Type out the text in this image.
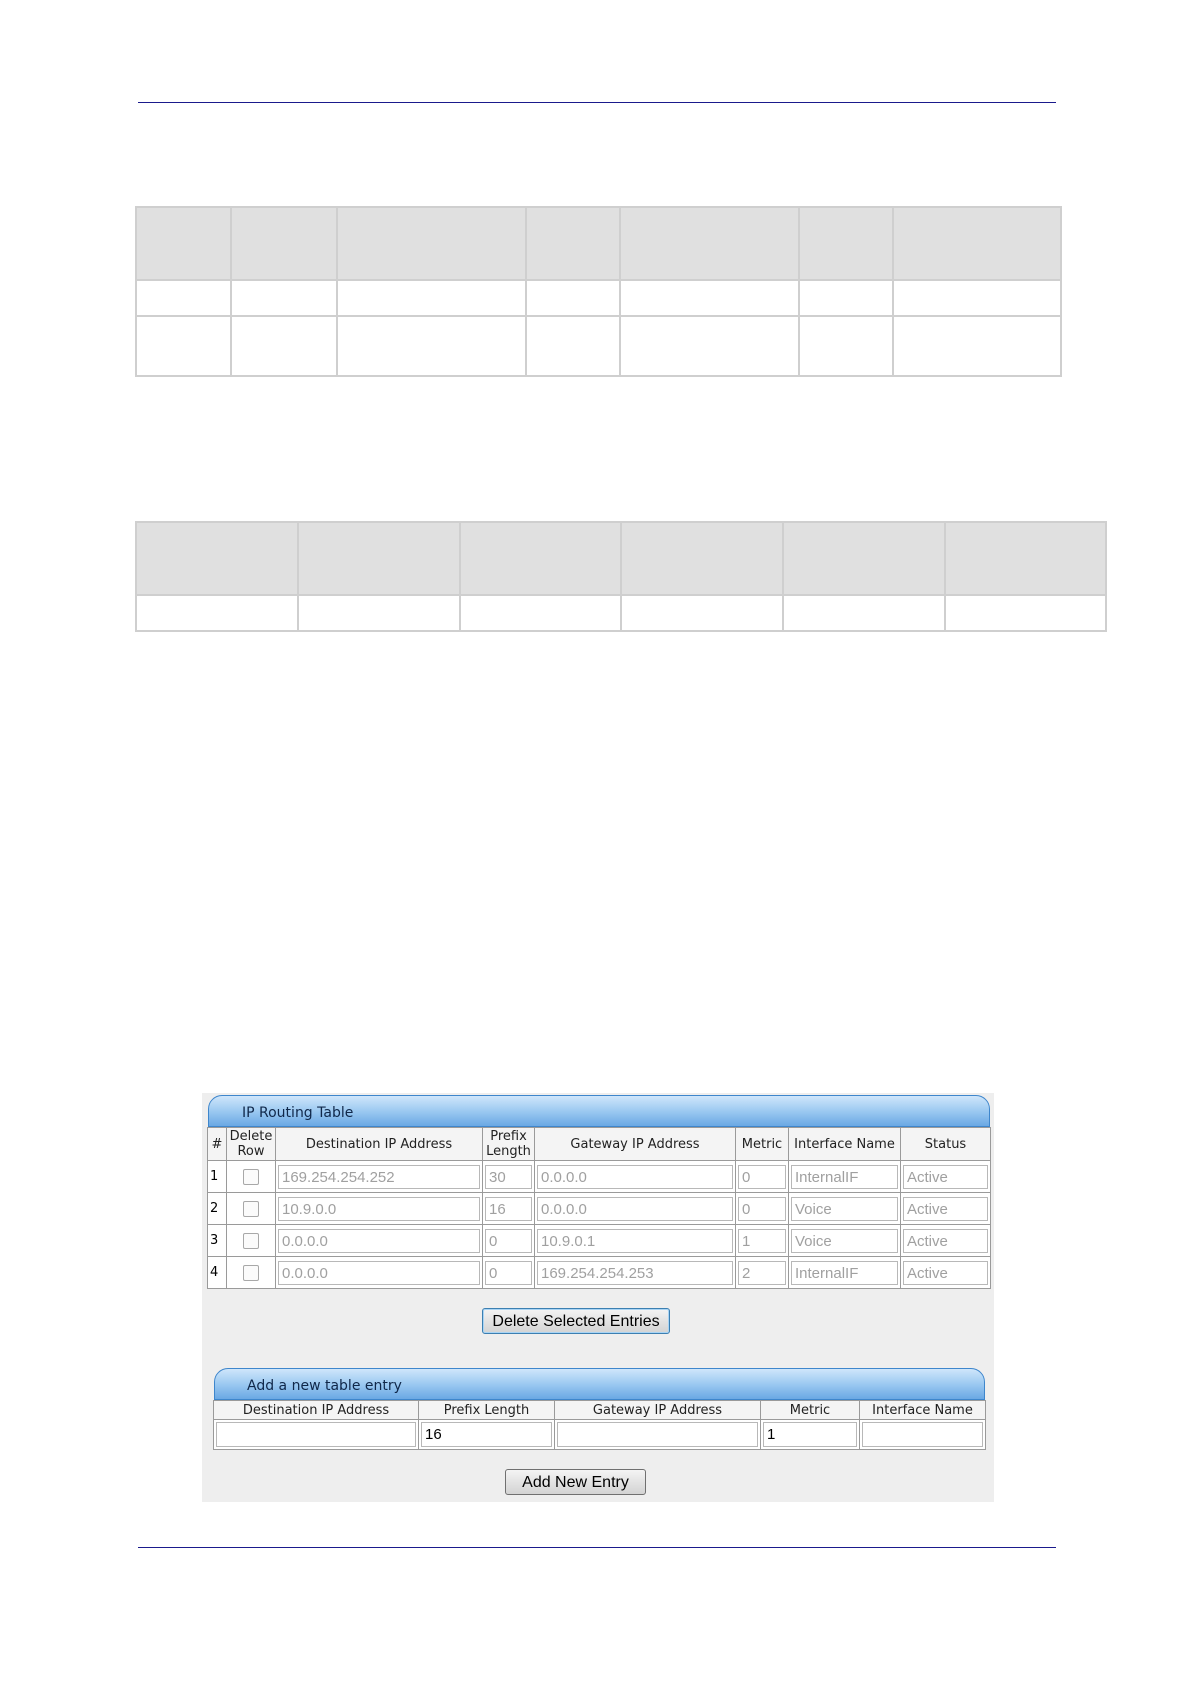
IP Routing Table
#	Delete Row	Destination IP Address	Prefix Length	Gateway IP Address	Metric	Interface Name	Status
1		169.254.254.252	30	0.0.0.0	0	InternalIF	Active

2		10.9.0.0	16	0.0.0.0	0	Voice	Active

3		0.0.0.0	0	10.9.0.1	1	Voice	Active

4		0.0.0.0	0	169.254.254.253	2	InternalIF	Active
Delete Selected Entries
Add a new table entry
Destination IP Address	Prefix Length	Gateway IP Address	Metric	Interface Name

	16		1	

Add New Entry
